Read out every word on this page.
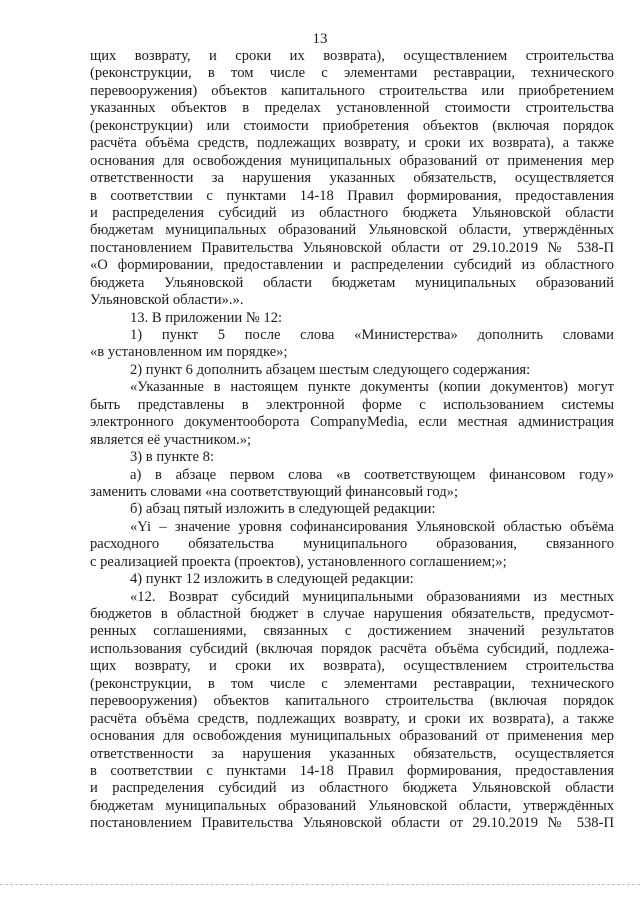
13
щих возврату, и сроки их возврата), осуществлением строительства
(реконструкции, в том числе с элементами реставрации, технического
перевооружения) объектов капитального строительства или приобретением
указанных объектов в пределах установленной стоимости строительства
(реконструкции) или стоимости приобретения объектов (включая порядок
расчёта объёма средств, подлежащих возврату, и сроки их возврата), а также
основания для освобождения муниципальных образований от применения мер
ответственности за нарушения указанных обязательств, осуществляется
в соответствии с пунктами 14-18 Правил формирования, предоставления
и распределения субсидий из областного бюджета Ульяновской области
бюджетам муниципальных образований Ульяновской области, утверждённых
постановлением Правительства Ульяновской области от 29.10.2019 № 538-П
«О формировании, предоставлении и распределении субсидий из областного
бюджета Ульяновской области бюджетам муниципальных образований
Ульяновской области».».
13. В приложении № 12:
1) пункт 5 после слова «Министерства» дополнить словами
«в установленном им порядке»;
2) пункт 6 дополнить абзацем шестым следующего содержания:
«Указанные в настоящем пункте документы (копии документов) могут
быть представлены в электронной форме с использованием системы
электронного документооборота CompanyMedia, если местная администрация
является её участником.»;
3) в пункте 8:
а) в абзаце первом слова «в соответствующем финансовом году»
заменить словами «на соответствующий финансовый год»;
б) абзац пятый изложить в следующей редакции:
«Yi – значение уровня софинансирования Ульяновской областью объёма
расходного обязательства муниципального образования, связанного
с реализацией проекта (проектов), установленного соглашением;»;
4) пункт 12 изложить в следующей редакции:
«12. Возврат субсидий муниципальными образованиями из местных
бюджетов в областной бюджет в случае нарушения обязательств, предусмот-
ренных соглашениями, связанных с достижением значений результатов
использования субсидий (включая порядок расчёта объёма субсидий, подлежа-
щих возврату, и сроки их возврата), осуществлением строительства
(реконструкции, в том числе с элементами реставрации, технического
перевооружения) объектов капитального строительства (включая порядок
расчёта объёма средств, подлежащих возврату, и сроки их возврата), а также
основания для освобождения муниципальных образований от применения мер
ответственности за нарушения указанных обязательств, осуществляется
в соответствии с пунктами 14-18 Правил формирования, предоставления
и распределения субсидий из областного бюджета Ульяновской области
бюджетам муниципальных образований Ульяновской области, утверждённых
постановлением Правительства Ульяновской области от 29.10.2019 № 538-П
